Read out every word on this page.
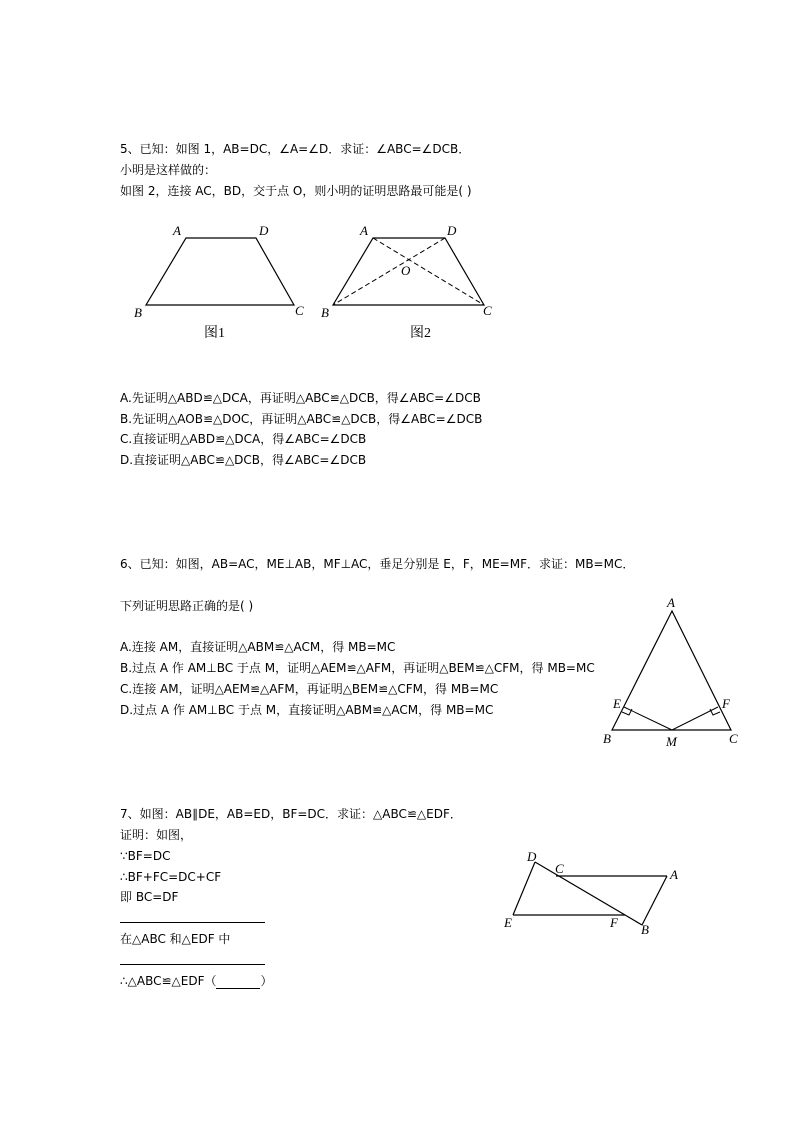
5、已知：如图 1，AB=DC，∠A=∠D．求证：∠ABC=∠DCB．
小明是这样做的：
如图 2，连接 AC，BD，交于点 O，则小明的证明思路最可能是( )
A	D
B	C
图1
A	D
O
B	C
图2
A.先证明△ABD≌△DCA，再证明△ABC≌△DCB，得∠ABC=∠DCB
B.先证明△AOB≌△DOC，再证明△ABC≌△DCB，得∠ABC=∠DCB
C.直接证明△ABD≌△DCA，得∠ABC=∠DCB
D.直接证明△ABC≌△DCB，得∠ABC=∠DCB
6、已知：如图，AB=AC，ME⊥AB，MF⊥AC，垂足分别是 E，F，ME=MF．求证：MB=MC．
下列证明思路正确的是( )
A.连接 AM，直接证明△ABM≌△ACM，得 MB=MC
B.过点 A 作 AM⊥BC 于点 M，证明△AEM≌△AFM，再证明△BEM≌△CFM，得 MB=MC
C.连接 AM，证明△AEM≌△AFM，再证明△BEM≌△CFM，得 MB=MC
D.过点 A 作 AM⊥BC 于点 M，直接证明△ABM≌△ACM，得 MB=MC
A
E	F
B	M	C
7、如图：AB∥DE，AB=ED，BF=DC．求证：△ABC≌△EDF．
证明：如图，
∵BF=DC
∴BF+FC=DC+CF
即 BC=DF
在△ABC 和△EDF 中
∴△ABC≌△EDF（	）
D
C	A
E	F B
